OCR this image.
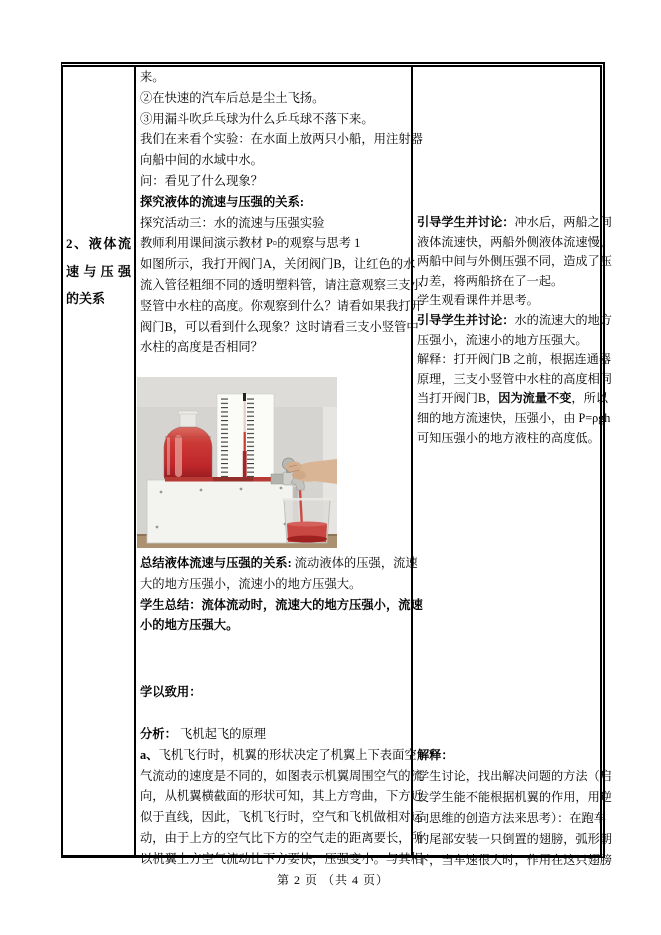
2、液体流
速与压强
的关系
来。
②在快速的汽车后总是尘土飞扬。
③用漏斗吹乒乓球为什么乒乓球不落下来。
我们在来看个实验：在水面上放两只小船，用注射器
向船中间的水域中水。
问：看见了什么现象？
探究液体的流速与压强的关系:
探究活动三：水的流速与压强实验
教师利用课间演示教材 P▫的观察与思考 1
如图所示，我打开阀门A，关闭阀门B，让红色的水
流入管径粗细不同的透明塑料管，请注意观察三支小
竖管中水柱的高度。你观察到什么？请看如果我打开
阀门B，可以看到什么现象？这时请看三支小竖管中
水柱的高度是否相同？
总结液体流速与压强的关系: 流动液体的压强，流速
大的地方压强小，流速小的地方压强大。
学生总结：流体流动时，流速大的地方压强小，流速
小的地方压强大。
学以致用：
分析： 飞机起飞的原理
a、飞机飞行时，机翼的形状决定了机翼上下表面空
气流动的速度是不同的，如图表示机翼周围空气的流
向，从机翼横截面的形状可知，其上方弯曲，下方近
似于直线，因此，飞机飞行时，空气和飞机做相对运
动，由于上方的空气比下方的空气走的距离要长，所
以机翼上方空气流动比下方要快，压强变小。与其相
引导学生并讨论：冲水后，两船之间
液体流速快，两船外侧液体流速慢，
两船中间与外侧压强不同，造成了压
力差，将两船挤在了一起。
学生观看课件并思考。
引导学生并讨论：水的流速大的地方
压强小，流速小的地方压强大。
解释：打开阀门B 之前，根据连通器
原理，三支小竖管中水柱的高度相同
当打开阀门B，因为流量不变，所以
细的地方流速快，压强小，由 P=ρgh
可知压强小的地方液柱的高度低。
解释：
学生讨论，找出解决问题的方法（启
发学生能不能根据机翼的作用，用逆
向思维的创造方法来思考）：在跑车
的尾部安装一只倒置的翅膀，弧形朝
下，当车速很大时，作用在这只翅膀
第 2 页 （共 4 页）
